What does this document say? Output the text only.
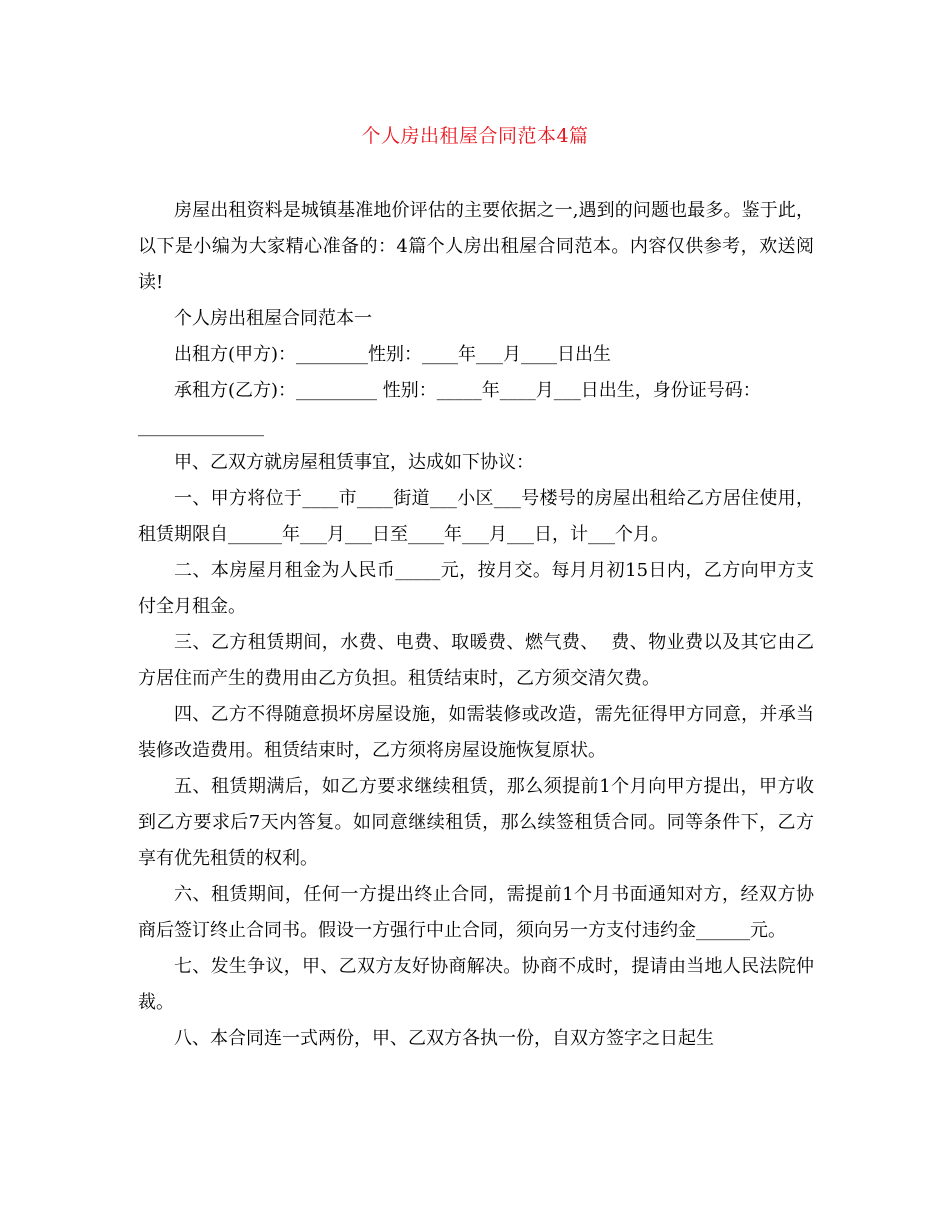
个人房出租屋合同范本4篇

房屋出租资料是城镇基准地价评估的主要依据之一,遇到的问题也最多。鉴于此，以下是小编为大家精心准备的：4篇个人房出租屋合同范本。内容仅供参考，欢送阅读!

个人房出租屋合同范本一

出租方(甲方)：________性别：____年___月____日出生

承租方(乙方)：_________ 性别：_____年____月___日出生，身份证号码：

______________

甲、乙双方就房屋租赁事宜，达成如下协议：

一、甲方将位于____市____街道___小区___号楼号的房屋出租给乙方居住使用，租赁期限自______年___月___日至____年___月___日，计___个月。

二、本房屋月租金为人民币_____元，按月交。每月月初15日内，乙方向甲方支付全月租金。

三、乙方租赁期间，水费、电费、取暖费、燃气费、  费、物业费以及其它由乙方居住而产生的费用由乙方负担。租赁结束时，乙方须交清欠费。

四、乙方不得随意损坏房屋设施，如需装修或改造，需先征得甲方同意，并承当装修改造费用。租赁结束时，乙方须将房屋设施恢复原状。

五、租赁期满后，如乙方要求继续租赁，那么须提前1个月向甲方提出，甲方收到乙方要求后7天内答复。如同意继续租赁，那么续签租赁合同。同等条件下，乙方享有优先租赁的权利。

六、租赁期间，任何一方提出终止合同，需提前1个月书面通知对方，经双方协商后签订终止合同书。假设一方强行中止合同，须向另一方支付违约金______元。

七、发生争议，甲、乙双方友好协商解决。协商不成时，提请由当地人民法院仲裁。

八、本合同连一式两份，甲、乙双方各执一份，自双方签字之日起生
